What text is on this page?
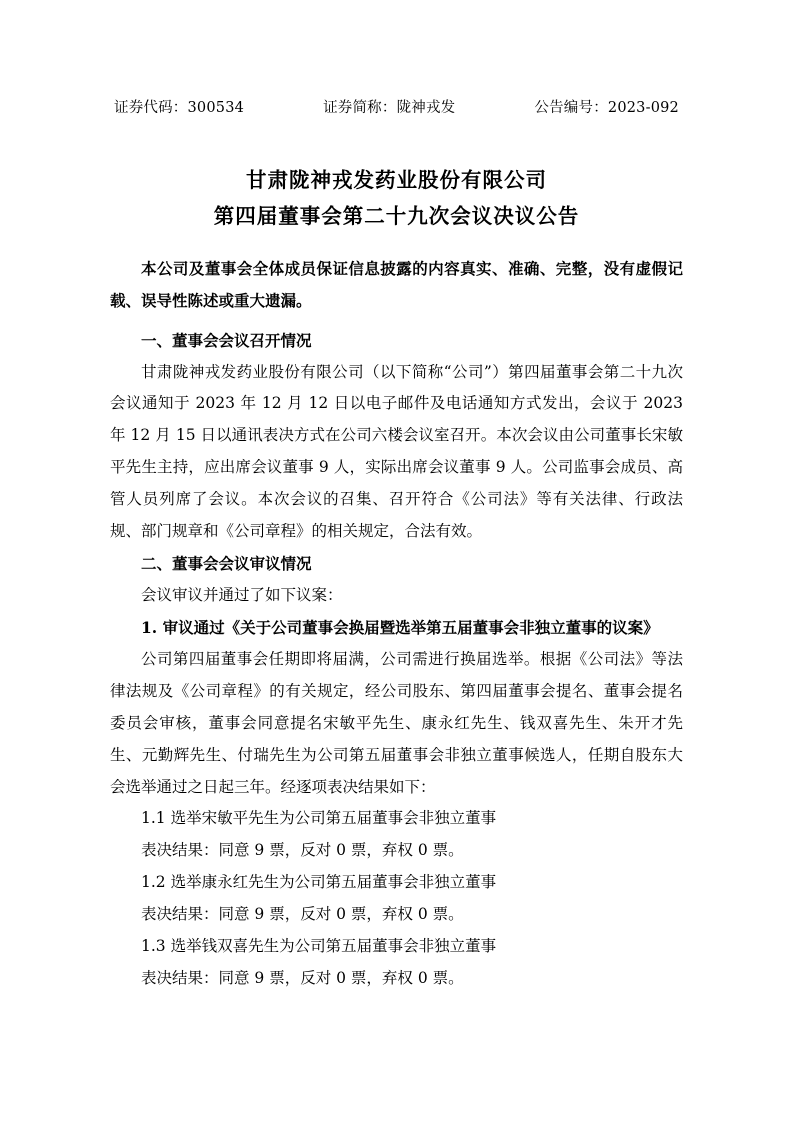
证券代码：300534	证券简称：陇神戎发	公告编号：2023-092
甘肃陇神戎发药业股份有限公司
第四届董事会第二十九次会议决议公告

本公司及董事会全体成员保证信息披露的内容真实、准确、完整，没有虚假记载、误导性陈述或重大遗漏。

一、董事会会议召开情况

甘肃陇神戎发药业股份有限公司（以下简称“公司”）第四届董事会第二十九次会议通知于 2023 年 12 月 12 日以电子邮件及电话通知方式发出，会议于 2023 年 12 月 15 日以通讯表决方式在公司六楼会议室召开。本次会议由公司董事长宋敏平先生主持，应出席会议董事 9 人，实际出席会议董事 9 人。公司监事会成员、高管人员列席了会议。本次会议的召集、召开符合《公司法》等有关法律、行政法规、部门规章和《公司章程》的相关规定，合法有效。

二、董事会会议审议情况

会议审议并通过了如下议案：

1. 审议通过《关于公司董事会换届暨选举第五届董事会非独立董事的议案》

公司第四届董事会任期即将届满，公司需进行换届选举。根据《公司法》等法律法规及《公司章程》的有关规定，经公司股东、第四届董事会提名、董事会提名委员会审核，董事会同意提名宋敏平先生、康永红先生、钱双喜先生、朱开才先生、元勤辉先生、付瑞先生为公司第五届董事会非独立董事候选人，任期自股东大会选举通过之日起三年。经逐项表决结果如下：

1.1 选举宋敏平先生为公司第五届董事会非独立董事

表决结果：同意 9 票，反对 0 票，弃权 0 票。

1.2 选举康永红先生为公司第五届董事会非独立董事

表决结果：同意 9 票，反对 0 票，弃权 0 票。

1.3 选举钱双喜先生为公司第五届董事会非独立董事

表决结果：同意 9 票，反对 0 票，弃权 0 票。
